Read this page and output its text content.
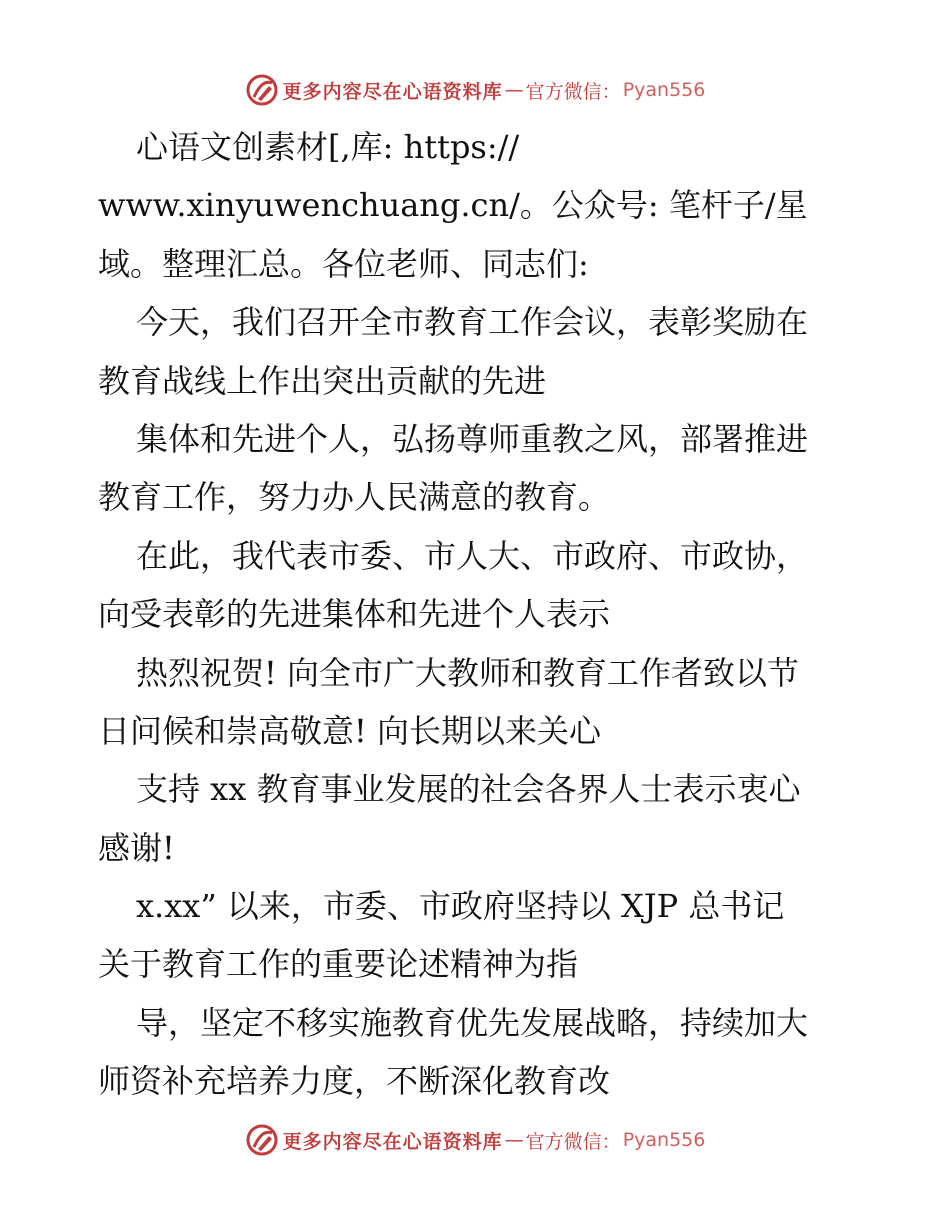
更多内容尽在心语资料库 — 官方微信： Pyan556
心语文创素材[,库: https://
www.xinyuwenchuang.cn/。公众号: 笔杆子/星
域。整理汇总。各位老师、同志们:
今天，我们召开全市教育工作会议，表彰奖励在
教育战线上作出突出贡献的先进
集体和先进个人，弘扬尊师重教之风，部署推进
教育工作，努力办人民满意的教育。
在此，我代表市委、市人大、市政府、市政协，
向受表彰的先进集体和先进个人表示
热烈祝贺! 向全市广大教师和教育工作者致以节
日问候和崇高敬意! 向长期以来关心
支持 xx 教育事业发展的社会各界人士表示衷心
感谢!
x.xx” 以来，市委、市政府坚持以 XJP 总书记
关于教育工作的重要论述精神为指
导，坚定不移实施教育优先发展战略，持续加大
师资补充培养力度，不断深化教育改
更多内容尽在心语资料库 — 官方微信： Pyan556
